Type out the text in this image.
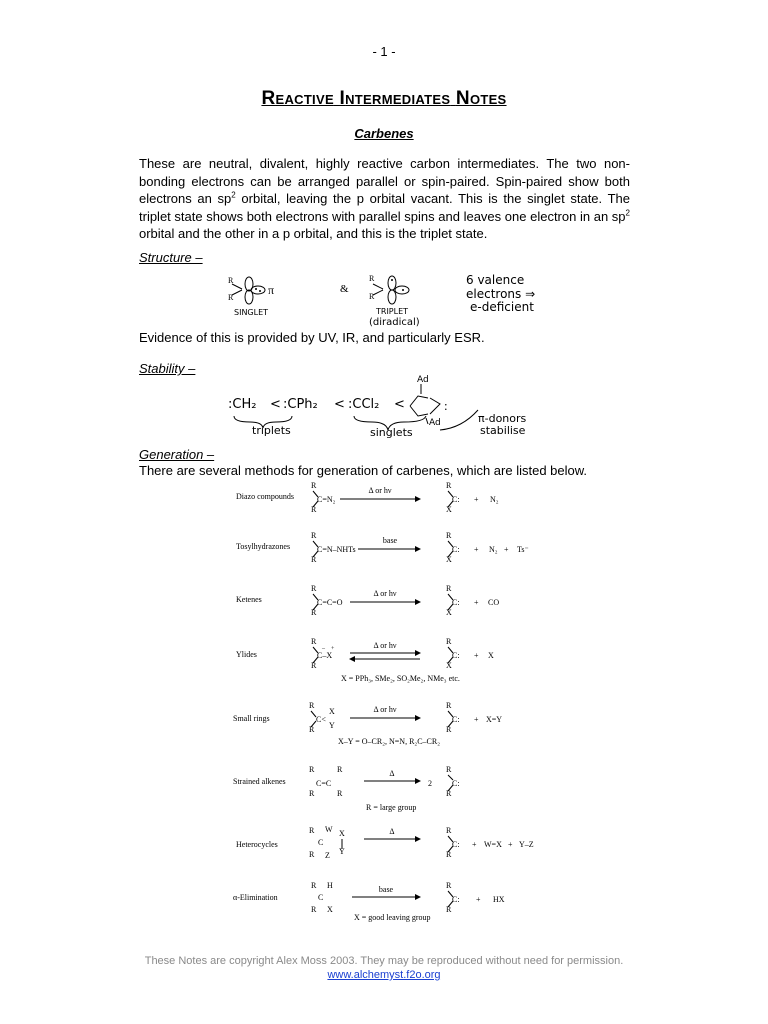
- 1 -
Reactive Intermediates Notes
Carbenes
These are neutral, divalent, highly reactive carbon intermediates. The two non-bonding electrons can be arranged parallel or spin-paired. Spin-paired show both electrons an $sp^2$ orbital, leaving the p orbital vacant. This is the singlet state. The triplet state shows both electrons with parallel spins and leaves one electron in an $sp^2$ orbital and the other in a p orbital, and this is the triplet state.
Structure –
R
R
R
R
π	&
SINGLET	TRIPLET
(diradical)
6 valence
electrons ⇒
e-deficient
Evidence of this is provided by UV, IR, and particularly ESR.
Stability –
:CH₂ < :CPh₂ < :CCl₂ <
Ad
:
Ad
triplets	singlets
π-donors
stabilise
Generation –
There are several methods for generation of carbenes, which are listed below.
Diazo compounds
R
R
C=N₂
Δ or hν
R
X
C: + N₂
Tosylhydrazones
R
R
C=N–NHTs
base
R
X
C: + N₂ + Ts⁻
Ketenes
R
R
C=C=O
Δ or hν
R
X
C: + CO
Ylides
R
R
C–X
– +	Δ or hν	R
X
C: + X
X = PPh₃, SMe₂, SO₂Me₂, NMe₃ etc.
Small rings
R
R
C<
X
Y
Δ or hν	R
R
C: + X=Y
X–Y = O–CR₂, N=N, R₂C–CR₂
Strained alkenes
R
R
R
R
C=C
Δ
2
R
R
C:
R = large group
Heterocycles
R
R
C
W X
Y
Z
Δ	R
R
C: + W=X + Y–Z
α-Elimination
R
R
H
X
C
base	R
R
C: + HX
X = good leaving group
These Notes are copyright Alex Moss 2003. They may be reproduced without need for permission.
www.alchemyst.f2o.org
